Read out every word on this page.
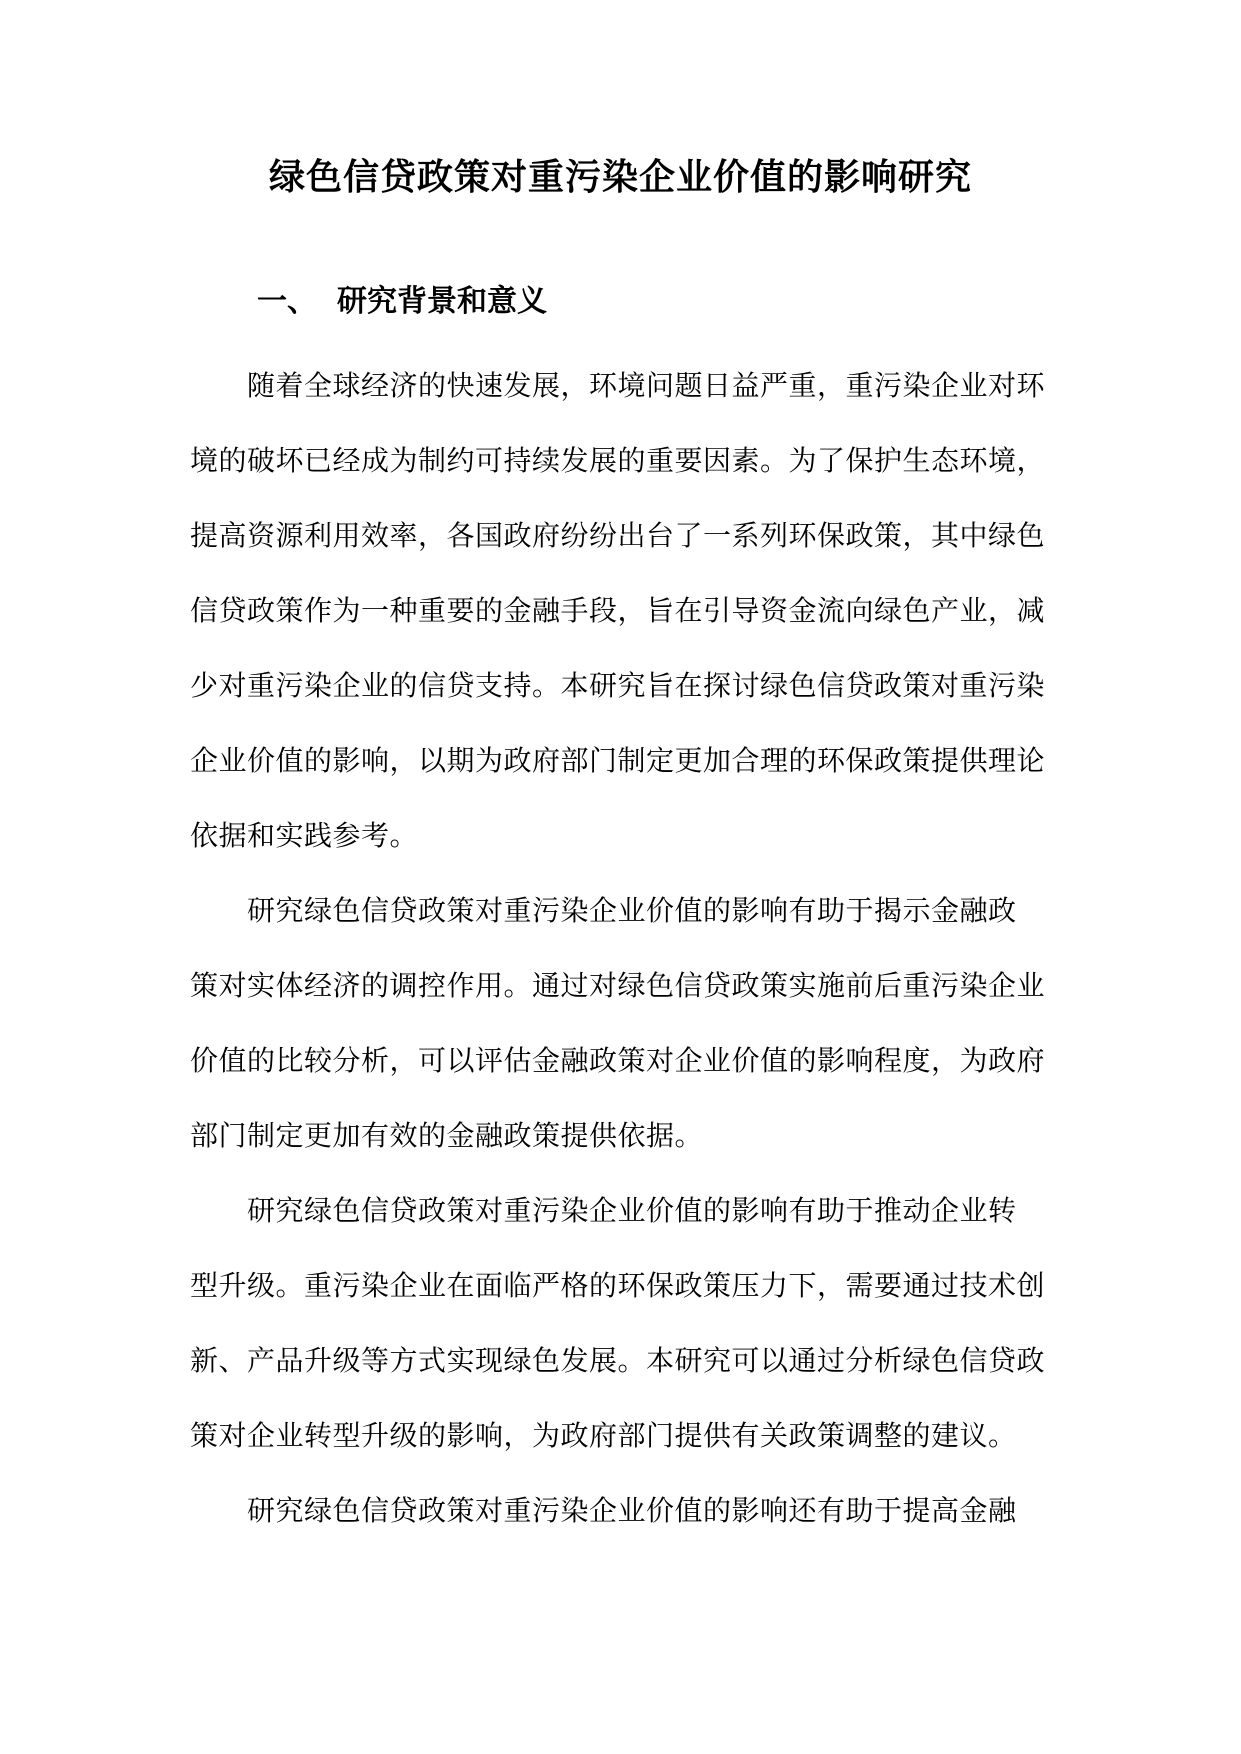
绿色信贷政策对重污染企业价值的影响研究
一、 研究背景和意义
随着全球经济的快速发展，环境问题日益严重，重污染企业对环
境的破坏已经成为制约可持续发展的重要因素。为了保护生态环境，
提高资源利用效率，各国政府纷纷出台了一系列环保政策，其中绿色
信贷政策作为一种重要的金融手段，旨在引导资金流向绿色产业，减
少对重污染企业的信贷支持。本研究旨在探讨绿色信贷政策对重污染
企业价值的影响，以期为政府部门制定更加合理的环保政策提供理论
依据和实践参考。
研究绿色信贷政策对重污染企业价值的影响有助于揭示金融政
策对实体经济的调控作用。通过对绿色信贷政策实施前后重污染企业
价值的比较分析，可以评估金融政策对企业价值的影响程度，为政府
部门制定更加有效的金融政策提供依据。
研究绿色信贷政策对重污染企业价值的影响有助于推动企业转
型升级。重污染企业在面临严格的环保政策压力下，需要通过技术创
新、产品升级等方式实现绿色发展。本研究可以通过分析绿色信贷政
策对企业转型升级的影响，为政府部门提供有关政策调整的建议。
研究绿色信贷政策对重污染企业价值的影响还有助于提高金融
